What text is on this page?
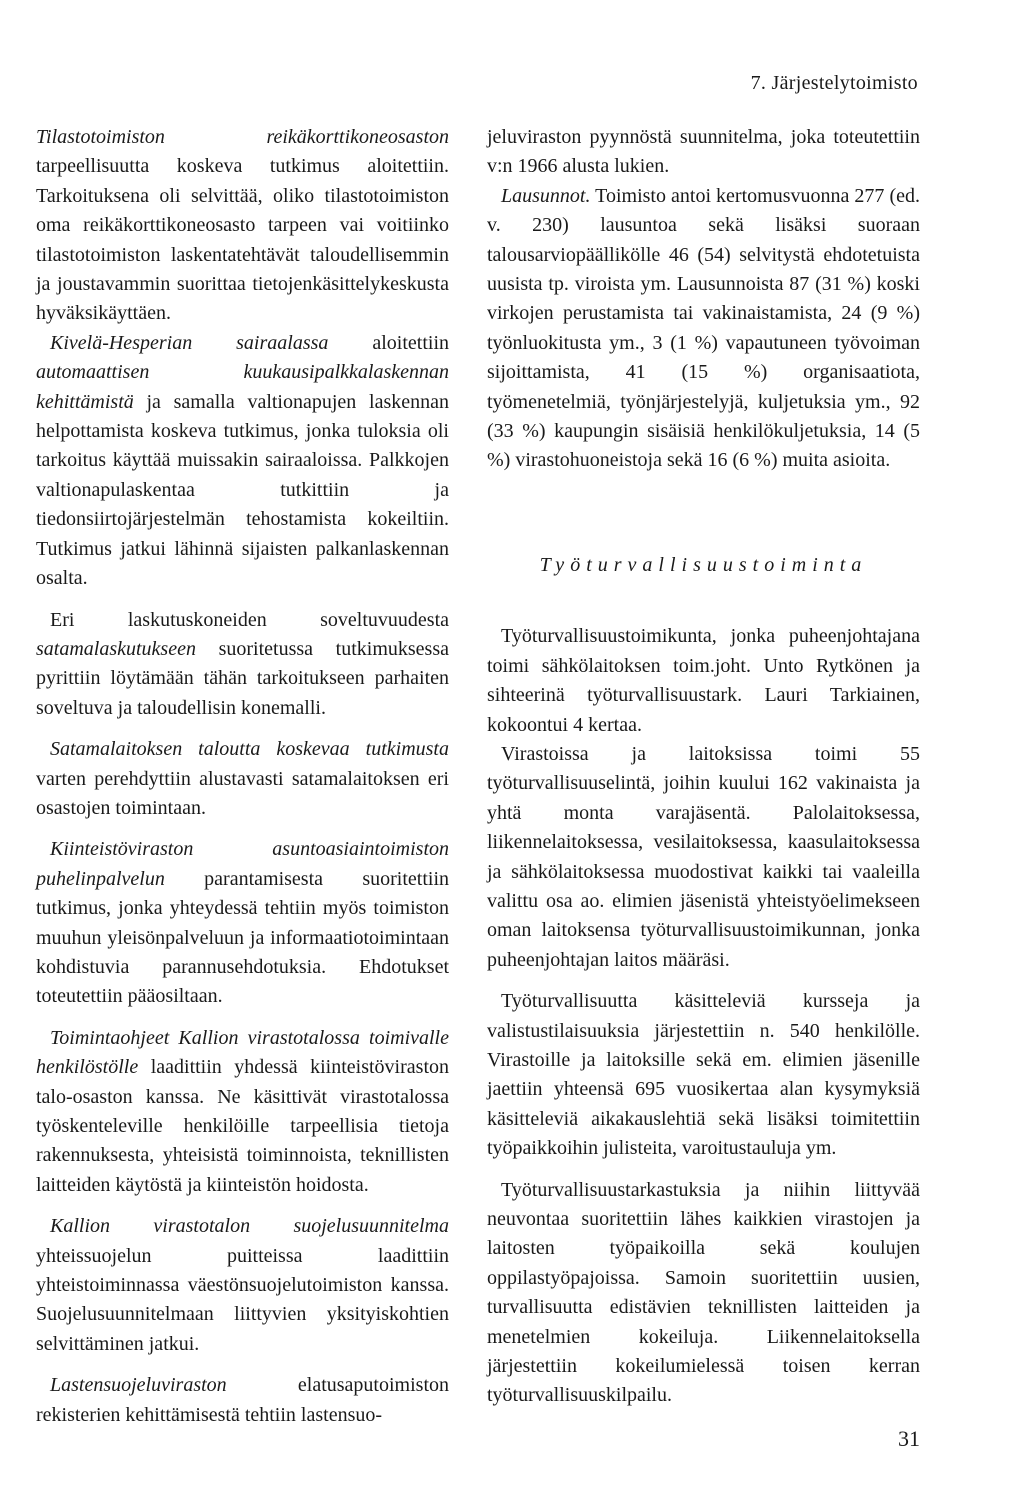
7. Järjestelytoimisto

Tilastotoimiston reikäkorttikoneosaston tarpeellisuutta koskeva tutkimus aloitettiin. Tarkoituksena oli selvittää, oliko tilastotoimiston oma reikäkorttikoneosasto tarpeen vai voitiinko tilastotoimiston laskentatehtävät taloudellisemmin ja joustavammin suorittaa tietojenkäsittelykeskusta hyväksikäyttäen.

Kivelä-Hesperian sairaalassa aloitettiin automaattisen kuukausipalkkalaskennan kehittämistä ja samalla valtionapujen laskennan helpottamista koskeva tutkimus, jonka tuloksia oli tarkoitus käyttää muissakin sairaaloissa. Palkkojen valtionapulaskentaa tutkittiin ja tiedonsiirtojärjestelmän tehostamista kokeiltiin. Tutkimus jatkui lähinnä sijaisten palkanlaskennan osalta.

Eri laskutuskoneiden soveltuvuudesta satamalaskutukseen suoritetussa tutkimuksessa pyrittiin löytämään tähän tarkoitukseen parhaiten soveltuva ja taloudellisin konemalli.

Satamalaitoksen taloutta koskevaa tutkimusta varten perehdyttiin alustavasti satamalaitoksen eri osastojen toimintaan.

Kiinteistöviraston asuntoasiaintoimiston puhelinpalvelun parantamisesta suoritettiin tutkimus, jonka yhteydessä tehtiin myös toimiston muuhun yleisönpalveluun ja informaatiotoimintaan kohdistuvia parannusehdotuksia. Ehdotukset toteutettiin pääosiltaan.

Toimintaohjeet Kallion virastotalossa toimivalle henkilöstölle laadittiin yhdessä kiinteistöviraston talo-osaston kanssa. Ne käsittivät virastotalossa työskenteleville henkilöille tarpeellisia tietoja rakennuksesta, yhteisistä toiminnoista, teknillisten laitteiden käytöstä ja kiinteistön hoidosta.

Kallion virastotalon suojelusuunnitelma yhteissuojelun puitteissa laadittiin yhteistoiminnassa väestönsuojelutoimiston kanssa. Suojelusuunnitelmaan liittyvien yksityiskohtien selvittäminen jatkui.

Lastensuojeluviraston elatusaputoimiston rekisterien kehittämisestä tehtiin lastensuo-

jeluviraston pyynnöstä suunnitelma, joka toteutettiin v:n 1966 alusta lukien.

Lausunnot. Toimisto antoi kertomusvuonna 277 (ed. v. 230) lausuntoa sekä lisäksi suoraan talousarviopäällikölle 46 (54) selvitystä ehdotetuista uusista tp. viroista ym. Lausunnoista 87 (31 %) koski virkojen perustamista tai vakinaistamista, 24 (9 %) työnluokitusta ym., 3 (1 %) vapautuneen työvoiman sijoittamista, 41 (15 %) organisaatiota, työmenetelmiä, työnjärjestelyjä, kuljetuksia ym., 92 (33 %) kaupungin sisäisiä henkilökuljetuksia, 14 (5 %) virastohuoneistoja sekä 16 (6 %) muita asioita.

Työturvallisuustoiminta

Työturvallisuustoimikunta, jonka puheenjohtajana toimi sähkölaitoksen toim.joht. Unto Rytkönen ja sihteerinä työturvallisuustark. Lauri Tarkiainen, kokoontui 4 kertaa.

Virastoissa ja laitoksissa toimi 55 työturvallisuuselintä, joihin kuului 162 vakinaista ja yhtä monta varajäsentä. Palolaitoksessa, liikennelaitoksessa, vesilaitoksessa, kaasulaitoksessa ja sähkölaitoksessa muodostivat kaikki tai vaaleilla valittu osa ao. elimien jäsenistä yhteistyöelimekseen oman laitoksensa työturvallisuustoimikunnan, jonka puheenjohtajan laitos määräsi.

Työturvallisuutta käsitteleviä kursseja ja valistustilaisuuksia järjestettiin n. 540 henkilölle. Virastoille ja laitoksille sekä em. elimien jäsenille jaettiin yhteensä 695 vuosikertaa alan kysymyksiä käsitteleviä aikakauslehtiä sekä lisäksi toimitettiin työpaikkoihin julisteita, varoitustauluja ym.

Työturvallisuustarkastuksia ja niihin liittyvää neuvontaa suoritettiin lähes kaikkien virastojen ja laitosten työpaikoilla sekä koulujen oppilastyöpajoissa. Samoin suoritettiin uusien, turvallisuutta edistävien teknillisten laitteiden ja menetelmien kokeiluja. Liikennelaitoksella järjestettiin kokeilumielessä toisen kerran työturvallisuuskilpailu.

31
